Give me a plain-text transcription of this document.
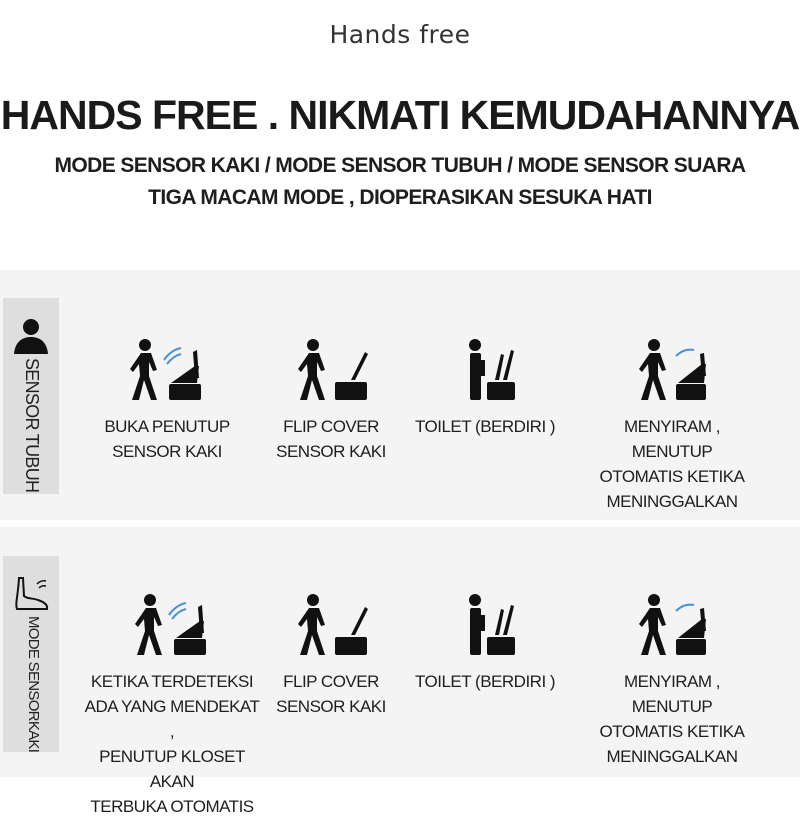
Hands free
HANDS FREE . NIKMATI KEMUDAHANNYA
MODE SENSOR KAKI / MODE SENSOR TUBUH / MODE SENSOR SUARA
TIGA MACAM MODE , DIOPERASIKAN SESUKA HATI
SENSOR TUBUH	BUKA PENUTUP
SENSOR KAKI
FLIP COVER
SENSOR KAKI
TOILET (BERDIRI )	MENYIRAM ,
MENUTUP
OTOMATIS KETIKA
MENINGGALKAN
MODE SENSORKAKI	KETIKA TERDETEKSI
ADA YANG MENDEKAT ,
PENUTUP KLOSET AKAN
TERBUKA OTOMATIS
FLIP COVER
SENSOR KAKI
TOILET (BERDIRI )	MENYIRAM ,
MENUTUP
OTOMATIS KETIKA
MENINGGALKAN
